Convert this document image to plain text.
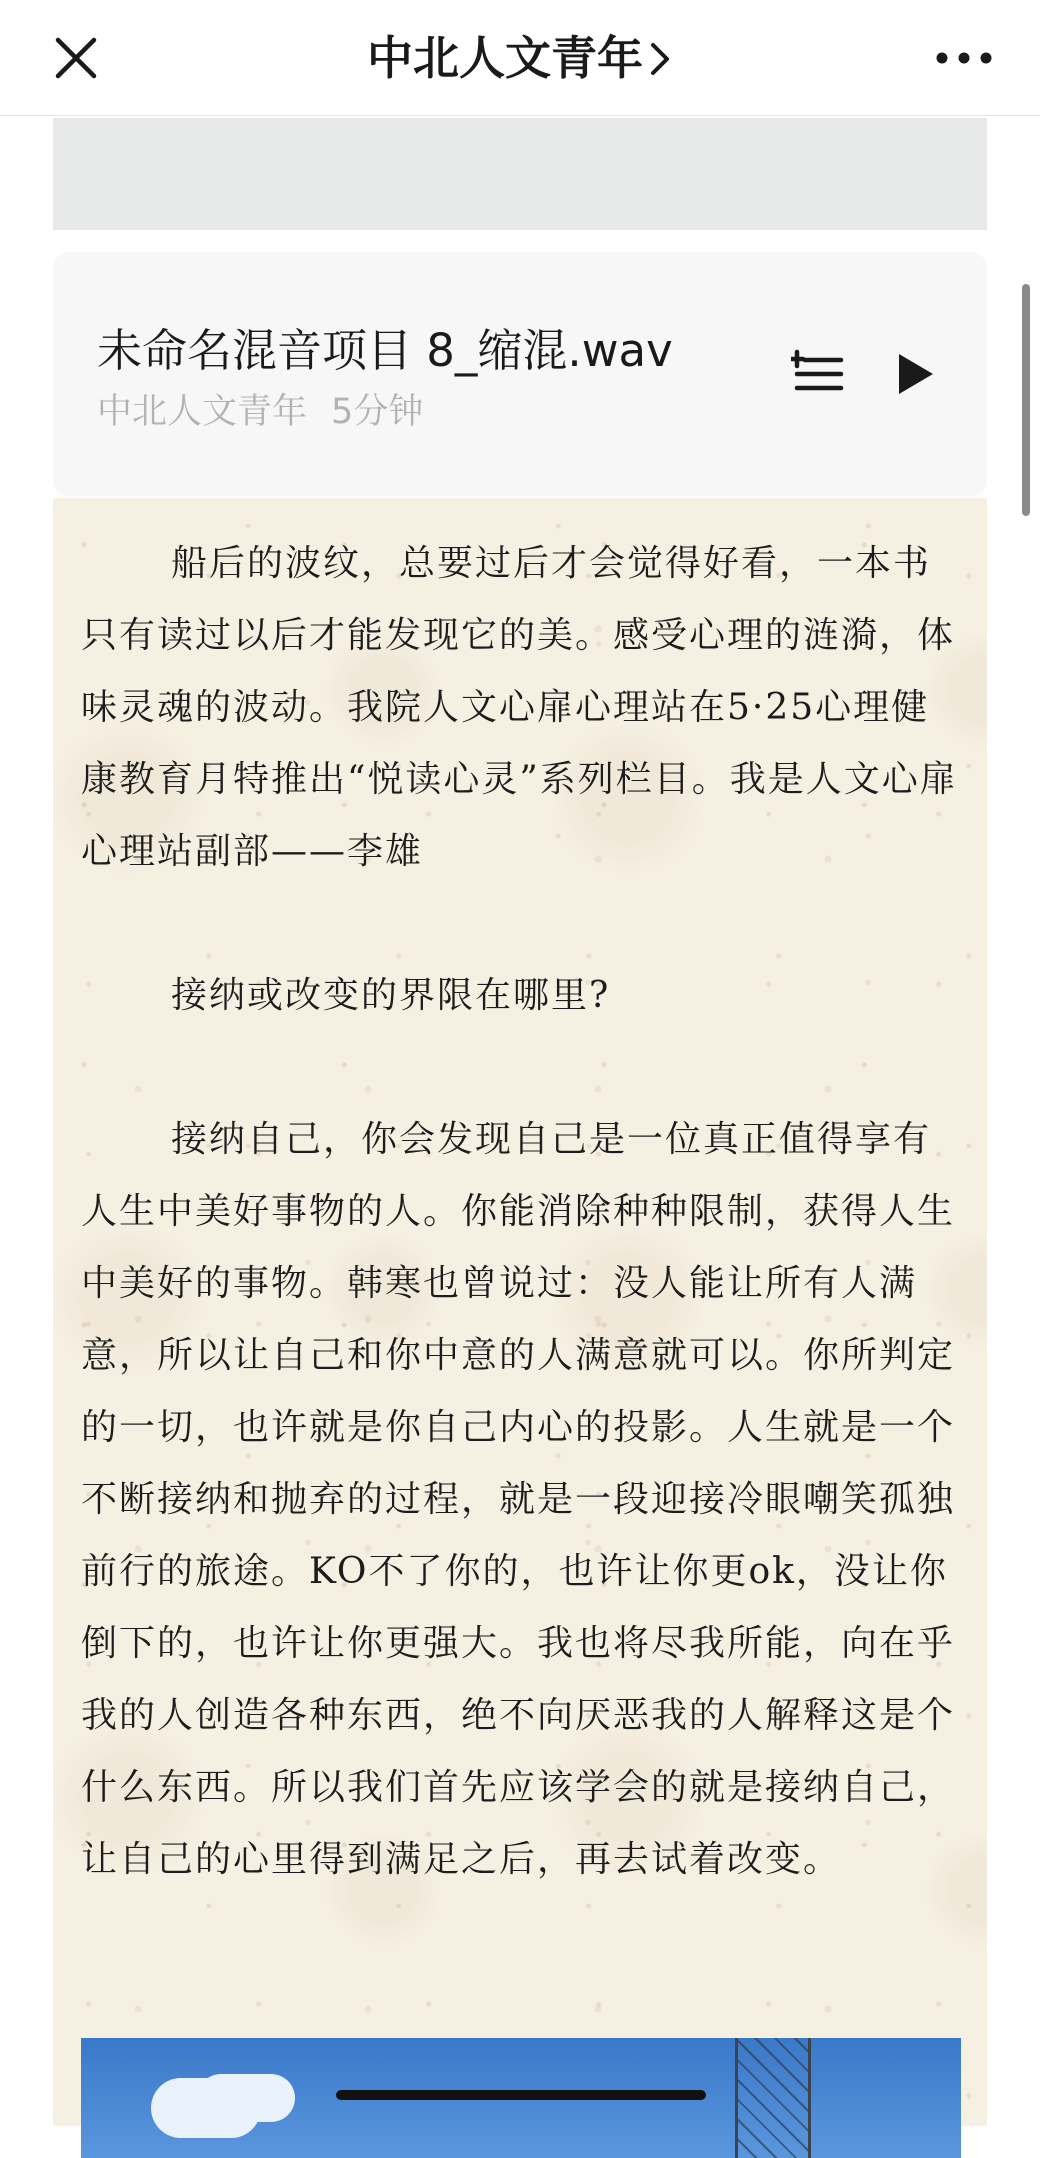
中北人文青年
未命名混音项目 8_缩混.wav
中北人文青年 5分钟

船后的波纹，总要过后才会觉得好看，一本书只有读过以后才能发现它的美。感受心理的涟漪，体味灵魂的波动。我院人文心扉心理站在5·25心理健康教育月特推出“悦读心灵”系列栏目。我是人文心扉心理站副部——李雄

接纳或改变的界限在哪里?

接纳自己，你会发现自己是一位真正值得享有人生中美好事物的人。你能消除种种限制，获得人生中美好的事物。韩寒也曾说过：没人能让所有人满意，所以让自己和你中意的人满意就可以。你所判定的一切，也许就是你自己内心的投影。人生就是一个不断接纳和抛弃的过程，就是一段迎接冷眼嘲笑孤独前行的旅途。KO不了你的，也许让你更ok，没让你倒下的，也许让你更强大。我也将尽我所能，向在乎我的人创造各种东西，绝不向厌恶我的人解释这是个什么东西。所以我们首先应该学会的就是接纳自己，让自己的心里得到满足之后，再去试着改变。
